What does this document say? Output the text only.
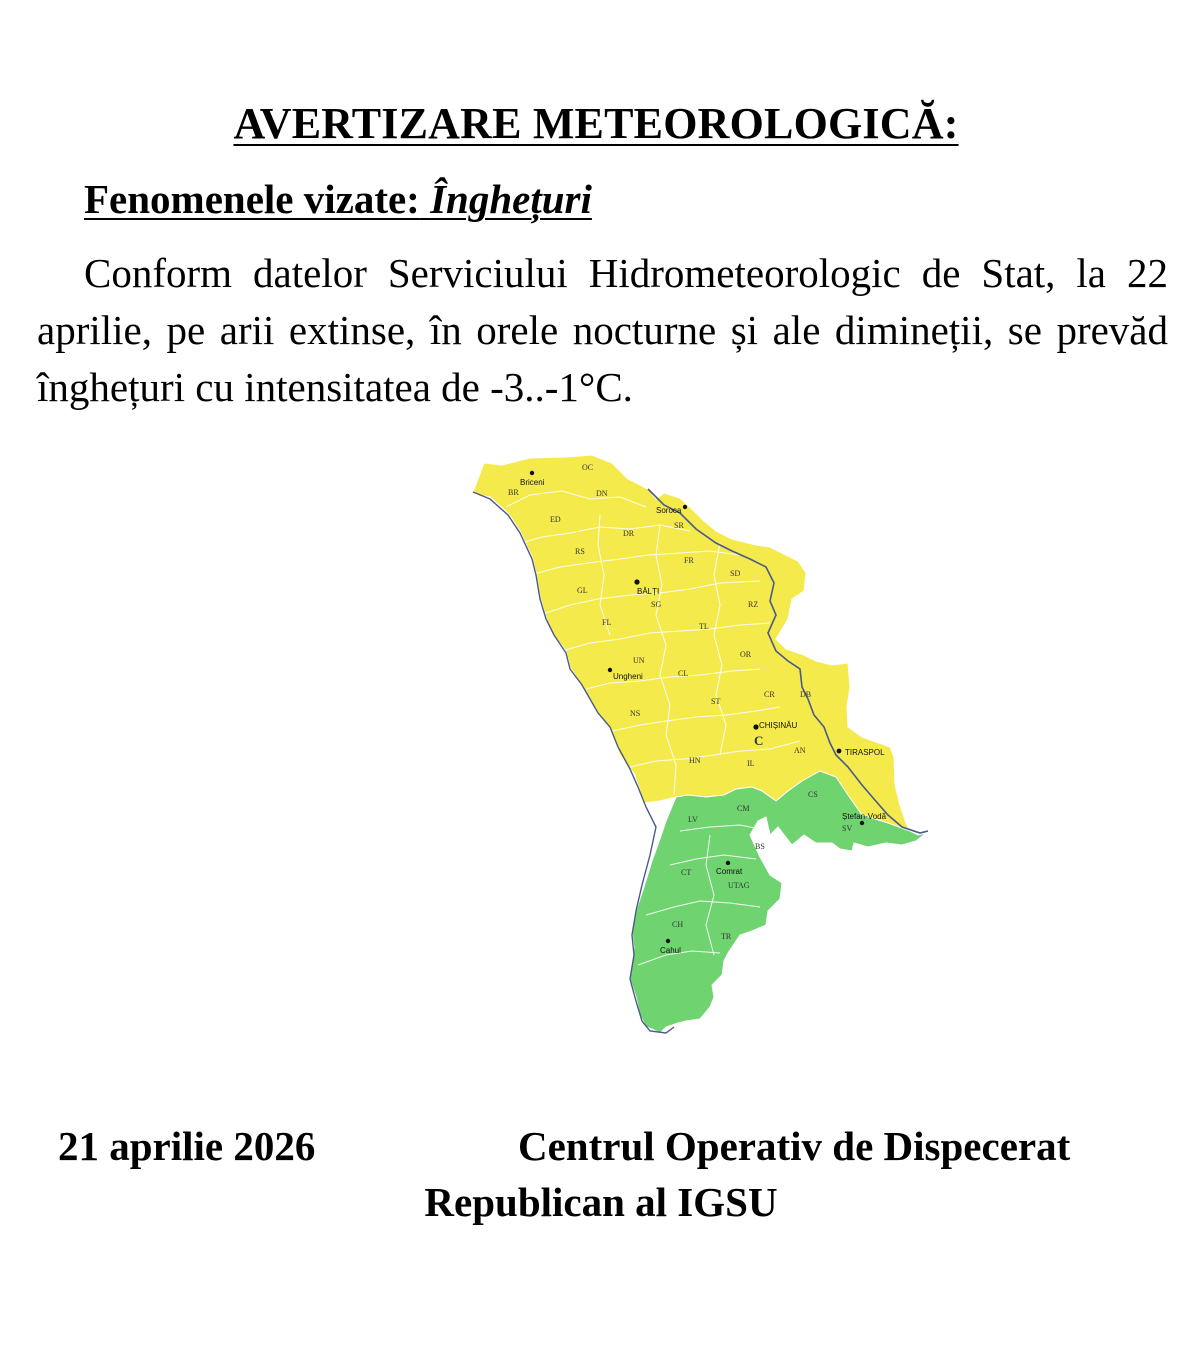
AVERTIZARE METEOROLOGICĂ:
Fenomenele vizate: Înghețuri
Conform datelor Serviciului Hidrometeorologic de Stat, la 22 aprilie, pe arii extinse, în orele nocturne și ale dimineții, se prevăd înghețuri cu intensitatea de -3..-1°C.
Briceni
Soroca
BĂLȚI
Ungheni
CHIȘINĂU
TIRASPOL
Ștefan-Vodă
Comrat
Cahul
OC
BR	DN
ED
SR
DR
RS
FR
SD
GL
SG	RZ
FL	TL
OR
UN
CL
CR	DB
ST
NS
C
AN
HN	IL
CS
CM
LV
SV
BS
CT
UTAG
CH
TR
21 aprilie 2026	Centrul Operativ de Dispecerat
Republican al IGSU
